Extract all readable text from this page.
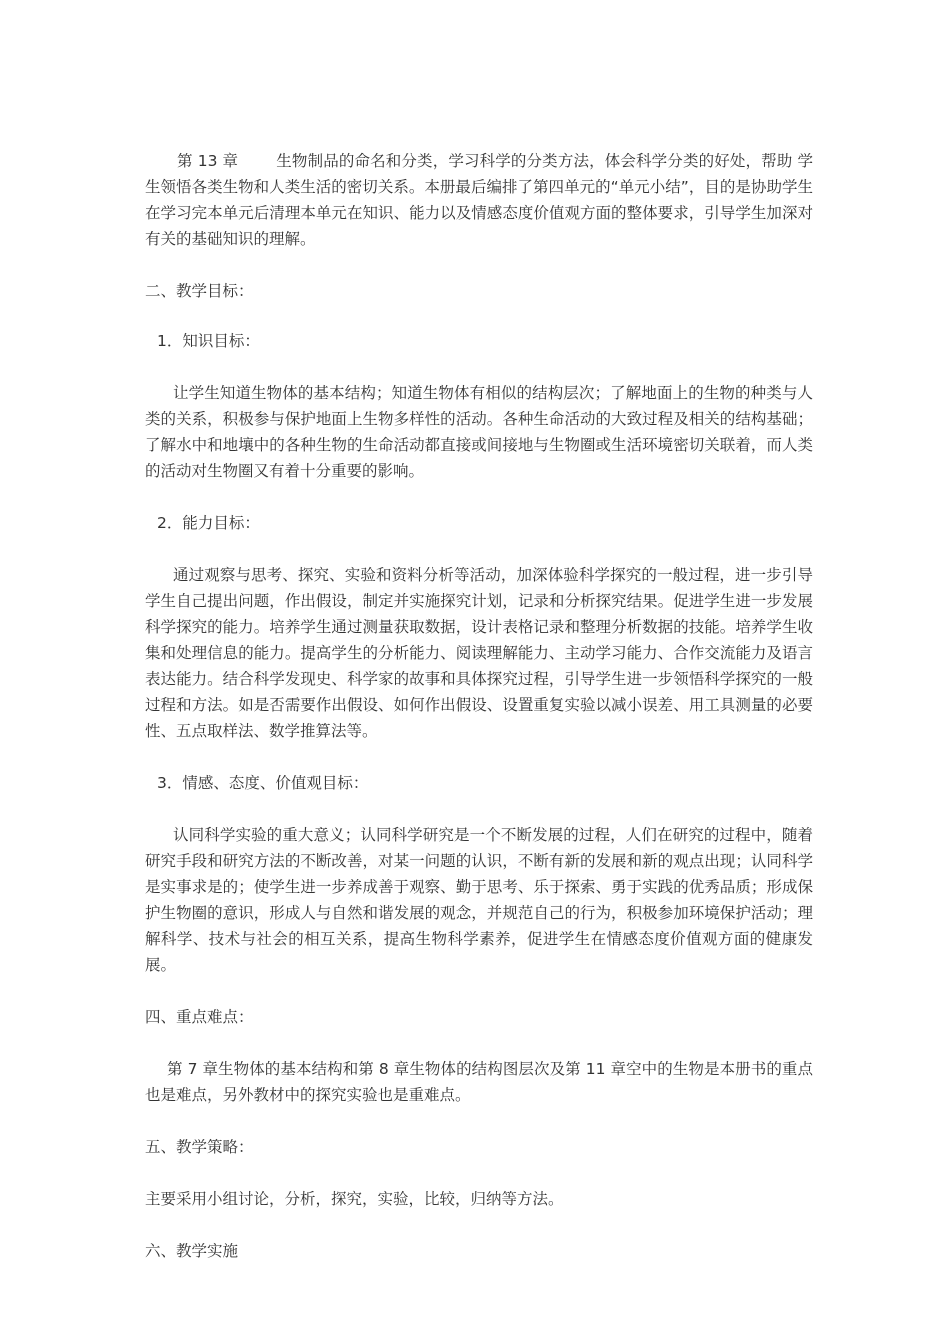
第 13 章 生物制品的命名和分类，学习科学的分类方法，体会科学分类的好处，帮助 学生领悟各类生物和人类生活的密切关系。本册最后编排了第四单元的“单元小结”，目的是协助学生在学习完本单元后清理本单元在知识、能力以及情感态度价值观方面的整体要求，引导学生加深对有关的基础知识的理解。

二、教学目标：

1．知识目标：

让学生知道生物体的基本结构；知道生物体有相似的结构层次；了解地面上的生物的种类与人类的关系，积极参与保护地面上生物多样性的活动。各种生命活动的大致过程及相关的结构基础；了解水中和地壤中的各种生物的生命活动都直接或间接地与生物圈或生活环境密切关联着，而人类的活动对生物圈又有着十分重要的影响。

2．能力目标：

通过观察与思考、探究、实验和资料分析等活动，加深体验科学探究的一般过程，进一步引导学生自己提出问题，作出假设，制定并实施探究计划，记录和分析探究结果。促进学生进一步发展科学探究的能力。培养学生通过测量获取数据，设计表格记录和整理分析数据的技能。培养学生收集和处理信息的能力。提高学生的分析能力、阅读理解能力、主动学习能力、合作交流能力及语言表达能力。结合科学发现史、科学家的故事和具体探究过程，引导学生进一步领悟科学探究的一般过程和方法。如是否需要作出假设、如何作出假设、设置重复实验以减小误差、用工具测量的必要性、五点取样法、数学推算法等。

3．情感、态度、价值观目标：

认同科学实验的重大意义；认同科学研究是一个不断发展的过程，人们在研究的过程中，随着研究手段和研究方法的不断改善，对某一问题的认识，不断有新的发展和新的观点出现；认同科学是实事求是的；使学生进一步养成善于观察、勤于思考、乐于探索、勇于实践的优秀品质；形成保护生物圈的意识，形成人与自然和谐发展的观念，并规范自己的行为，积极参加环境保护活动；理解科学、技术与社会的相互关系，提高生物科学素养，促进学生在情感态度价值观方面的健康发展。

四、重点难点：

第 7 章生物体的基本结构和第 8 章生物体的结构图层次及第 11 章空中的生物是本册书的重点也是难点，另外教材中的探究实验也是重难点。

五、教学策略：

主要采用小组讨论，分析，探究，实验，比较，归纳等方法。

六、教学实施
